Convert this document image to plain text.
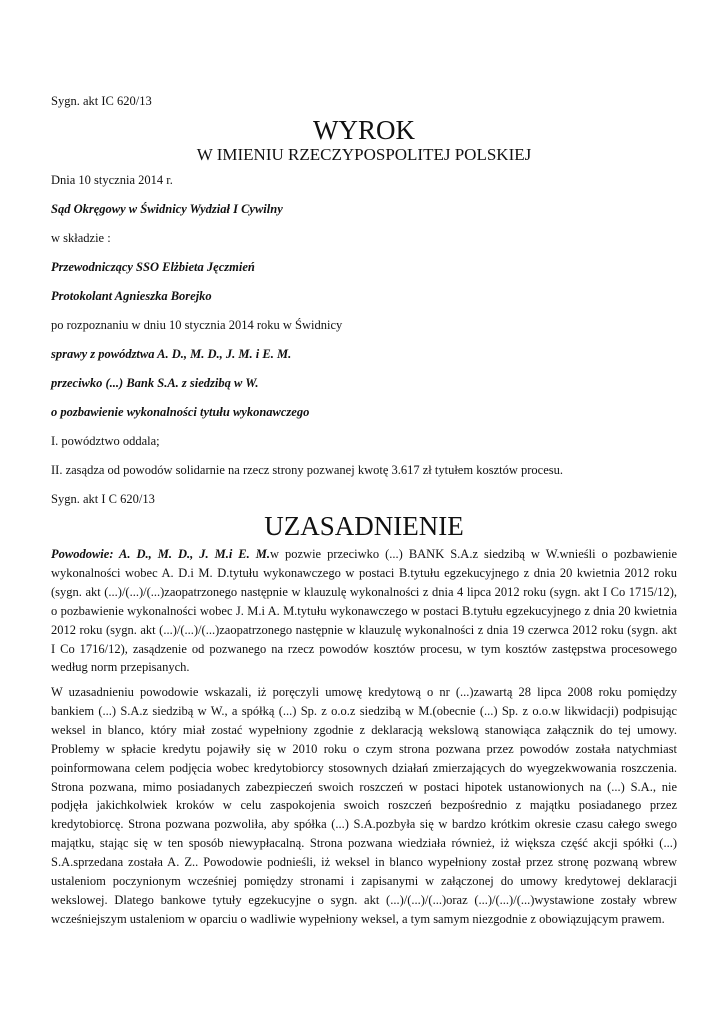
Sygn. akt IC 620/13
WYROK
W IMIENIU RZECZYPOSPOLITEJ POLSKIEJ
Dnia 10 stycznia 2014 r.
Sąd Okręgowy w Świdnicy Wydział I Cywilny
w składzie :
Przewodniczący SSO Elżbieta Jęczmień
Protokolant Agnieszka Borejko
po rozpoznaniu w dniu 10 stycznia 2014 roku w Świdnicy
sprawy z powództwa A. D., M. D., J. M. i E. M.
przeciwko (...) Bank S.A. z siedzibą w W.
o pozbawienie wykonalności tytułu wykonawczego
I. powództwo oddala;
II. zasądza od powodów solidarnie na rzecz strony pozwanej kwotę 3.617 zł tytułem kosztów procesu.
Sygn. akt I C 620/13
UZASADNIENIE

Powodowie: A. D., M. D., J. M.i E. M.w pozwie przeciwko (...) BANK S.A.z siedzibą w W.wnieśli o pozbawienie wykonalności wobec A. D.i M. D.tytułu wykonawczego w postaci B.tytułu egzekucyjnego z dnia 20 kwietnia 2012 roku (sygn. akt (...)/(...)/(...)zaopatrzonego następnie w klauzulę wykonalności z dnia 4 lipca 2012 roku (sygn. akt I Co 1715/12), o pozbawienie wykonalności wobec J. M.i A. M.tytułu wykonawczego w postaci B.tytułu egzekucyjnego z dnia 20 kwietnia 2012 roku (sygn. akt (...)/(...)/(...)zaopatrzonego następnie w klauzulę wykonalności z dnia 19 czerwca 2012 roku (sygn. akt I Co 1716/12), zasądzenie od pozwanego na rzecz powodów kosztów procesu, w tym kosztów zastępstwa procesowego według norm przepisanych.

W uzasadnieniu powodowie wskazali, iż poręczyli umowę kredytową o nr (...)zawartą 28 lipca 2008 roku pomiędzy bankiem (...) S.A.z siedzibą w W., a spółką (...) Sp. z o.o.z siedzibą w M.(obecnie (...) Sp. z o.o.w likwidacji) podpisując weksel in blanco, który miał zostać wypełniony zgodnie z deklaracją wekslową stanowiąca załącznik do tej umowy. Problemy w spłacie kredytu pojawiły się w 2010 roku o czym strona pozwana przez powodów została natychmiast poinformowana celem podjęcia wobec kredytobiorcy stosownych działań zmierzających do wyegzekwowania roszczenia. Strona pozwana, mimo posiadanych zabezpieczeń swoich roszczeń w postaci hipotek ustanowionych na (...) S.A., nie podjęła jakichkolwiek kroków w celu zaspokojenia swoich roszczeń bezpośrednio z majątku posiadanego przez kredytobiorcę. Strona pozwana pozwoliła, aby spółka (...) S.A.pozbyła się w bardzo krótkim okresie czasu całego swego majątku, stając się w ten sposób niewypłacalną. Strona pozwana wiedziała również, iż większa część akcji spółki (...) S.A.sprzedana została A. Z.. Powodowie podnieśli, iż weksel in blanco wypełniony został przez stronę pozwaną wbrew ustaleniom poczynionym wcześniej pomiędzy stronami i zapisanymi w załączonej do umowy kredytowej deklaracji wekslowej. Dlatego bankowe tytuły egzekucyjne o sygn. akt (...)/(...)/(...)oraz (...)/(...)/(...)wystawione zostały wbrew wcześniejszym ustaleniom w oparciu o wadliwie wypełniony weksel, a tym samym niezgodnie z obowiązującym prawem.
